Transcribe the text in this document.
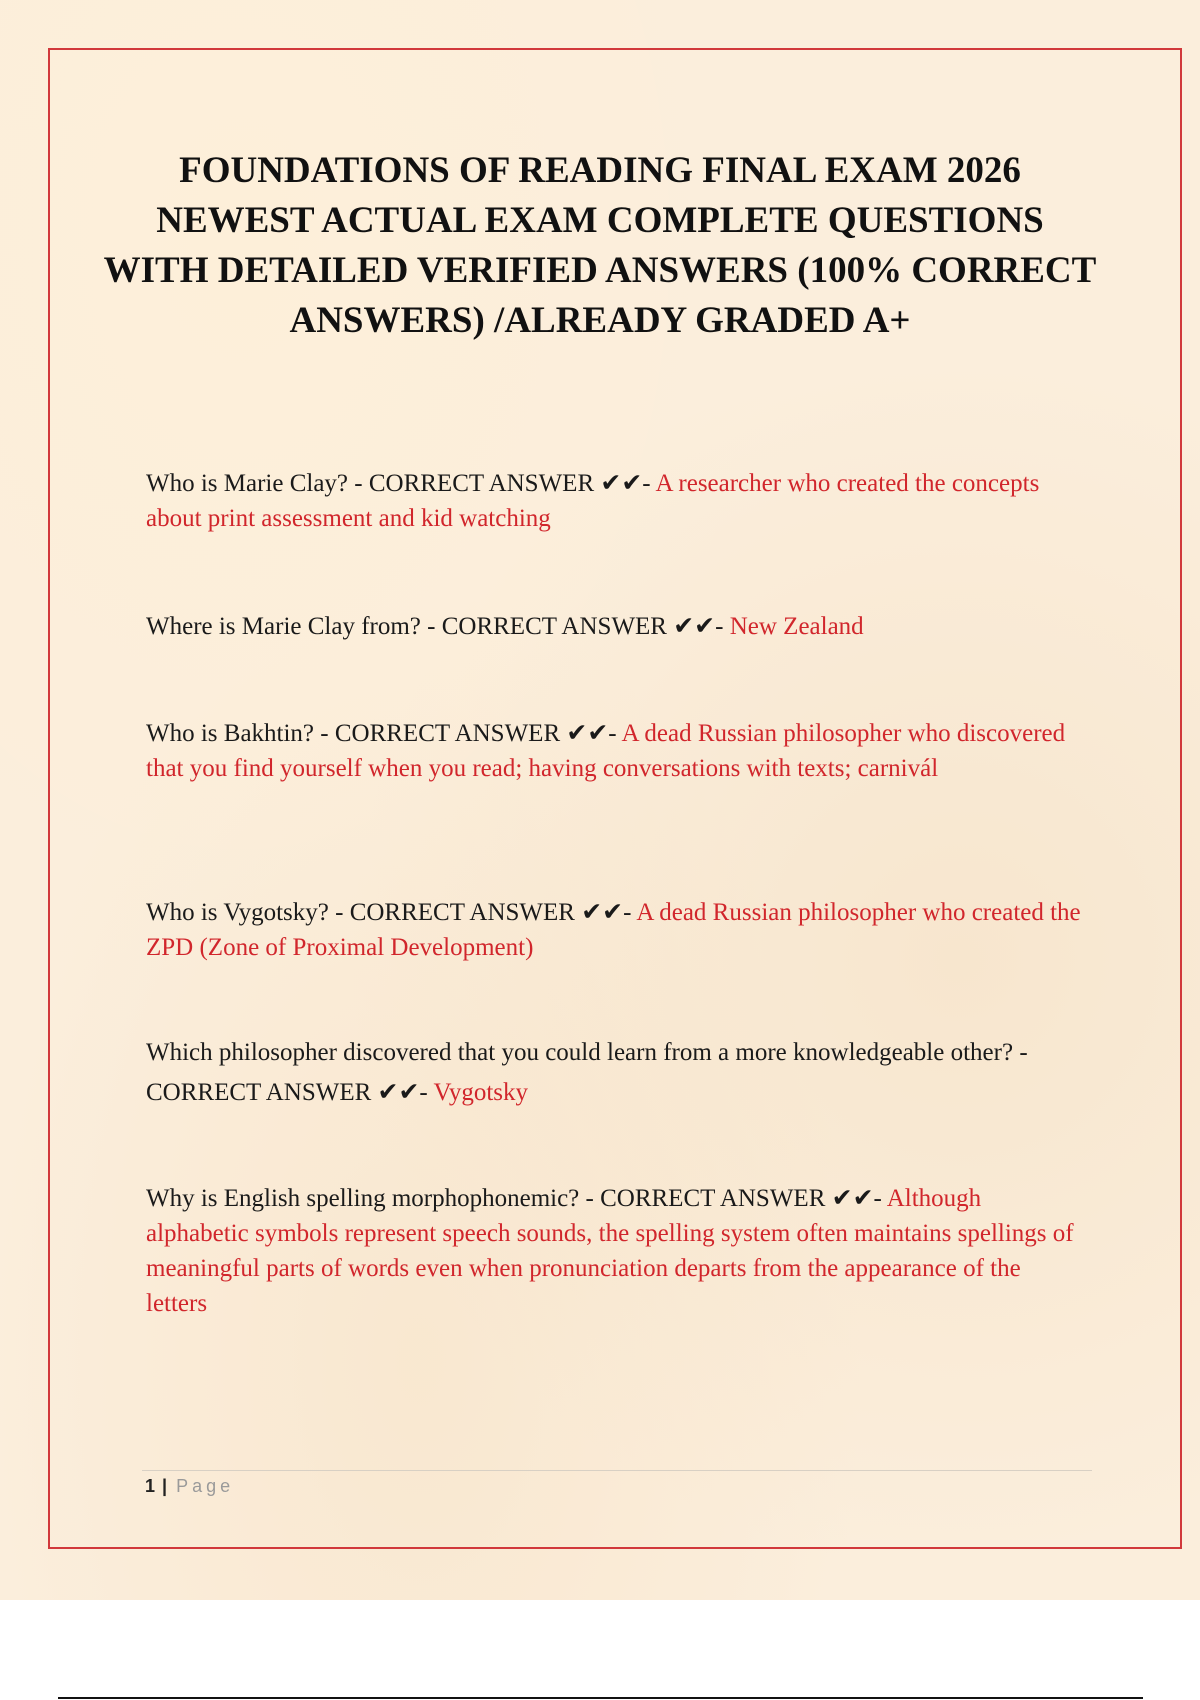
FOUNDATIONS OF READING FINAL EXAM 2026 NEWEST ACTUAL EXAM COMPLETE QUESTIONS WITH DETAILED VERIFIED ANSWERS (100% CORRECT ANSWERS) /ALREADY GRADED A+

Who is Marie Clay? - CORRECT ANSWER ✔✔- A researcher who created the concepts about print assessment and kid watching

Where is Marie Clay from? - CORRECT ANSWER ✔✔- New Zealand

Who is Bakhtin? - CORRECT ANSWER ✔✔- A dead Russian philosopher who discovered that you find yourself when you read; having conversations with texts; carnivál

Who is Vygotsky? - CORRECT ANSWER ✔✔- A dead Russian philosopher who created the ZPD (Zone of Proximal Development)

Which philosopher discovered that you could learn from a more knowledgeable other? - CORRECT ANSWER ✔✔- Vygotsky

Why is English spelling morphophonemic? - CORRECT ANSWER ✔✔- Although alphabetic symbols represent speech sounds, the spelling system often maintains spellings of meaningful parts of words even when pronunciation departs from the appearance of the letters

1 | Page
